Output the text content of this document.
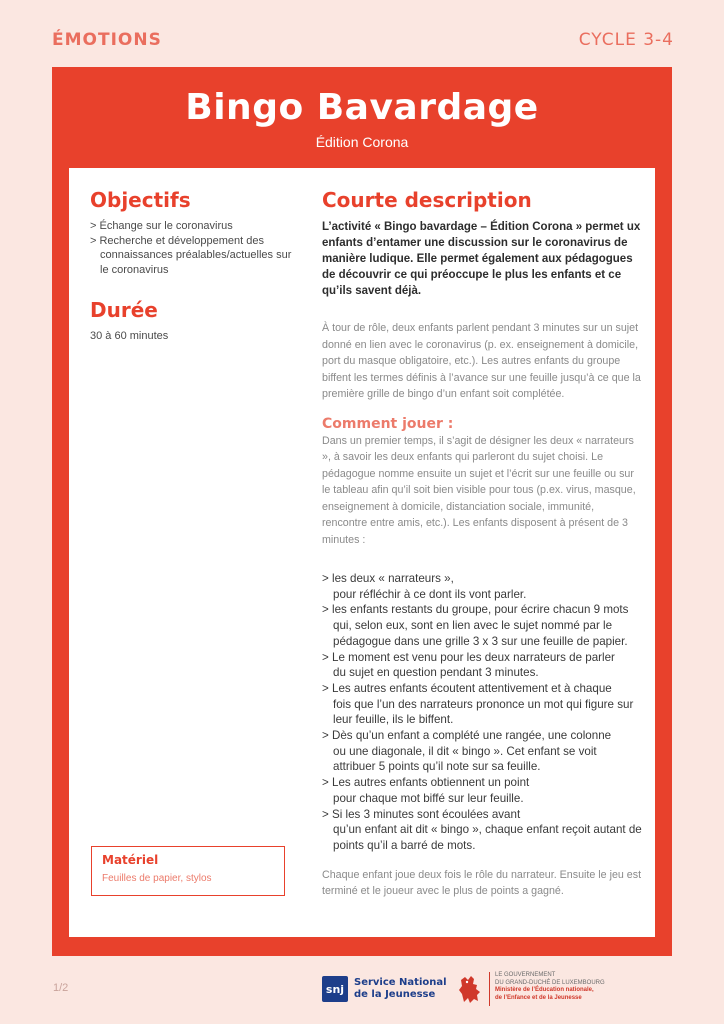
ÉMOTIONS	CYCLE 3-4
Bingo Bavardage
Édition Corona
Objectifs
> Échange sur le coronavirus
> Recherche et développement des connaissances préalables/actuelles sur le coronavirus
Durée
30 à 60 minutes
Courte description
L’activité « Bingo bavardage – Édition Corona » permet ux enfants d’entamer une discussion sur le coronavirus de manière ludique. Elle permet également aux pédagogues de découvrir ce qui préoccupe le plus les enfants et ce qu’ils savent déjà.
À tour de rôle, deux enfants parlent pendant 3 minutes sur un sujet donné en lien avec le coronavirus (p. ex. enseignement à domicile, port du masque obligatoire, etc.). Les autres enfants du groupe biffent les termes définis à l’avance sur une feuille jusqu’à ce que la première grille de bingo d’un enfant soit complétée.
Comment jouer :
Dans un premier temps, il s’agit de désigner les deux « narrateurs », à savoir les deux enfants qui parleront du sujet choisi. Le pédagogue nomme ensuite un sujet et l’écrit sur une feuille ou sur le tableau afin qu’il soit bien visible pour tous (p.ex. virus, masque, enseignement à domicile, distanciation sociale, immunité, rencontre entre amis, etc.). Les enfants disposent à présent de 3 minutes :
> les deux « narrateurs »,
pour réfléchir à ce dont ils vont parler.
> les enfants restants du groupe, pour écrire chacun 9 mots
qui, selon eux, sont en lien avec le sujet nommé par le pédagogue dans une grille 3 x 3 sur une feuille de papier.
> Le moment est venu pour les deux narrateurs de parler
du sujet en question pendant 3 minutes.
> Les autres enfants écoutent attentivement et à chaque
fois que l’un des narrateurs prononce un mot qui figure sur leur feuille, ils le biffent.
> Dès qu’un enfant a complété une rangée, une colonne
ou une diagonale, il dit « bingo ». Cet enfant se voit attribuer 5 points qu’il note sur sa feuille.
> Les autres enfants obtiennent un point
pour chaque mot biffé sur leur feuille.
> Si les 3 minutes sont écoulées avant
qu’un enfant ait dit « bingo », chaque enfant reçoit autant de points qu’il a barré de mots.
Chaque enfant joue deux fois le rôle du narrateur. Ensuite le jeu est terminé et le joueur avec le plus de points a gagné.
Matériel
Feuilles de papier, stylos
1/2	snj Service National
de la Jeunesse
LE GOUVERNEMENT
DU GRAND-DUCHÉ DE LUXEMBOURG
Ministère de l’Éducation nationale,
de l’Enfance et de la Jeunesse
